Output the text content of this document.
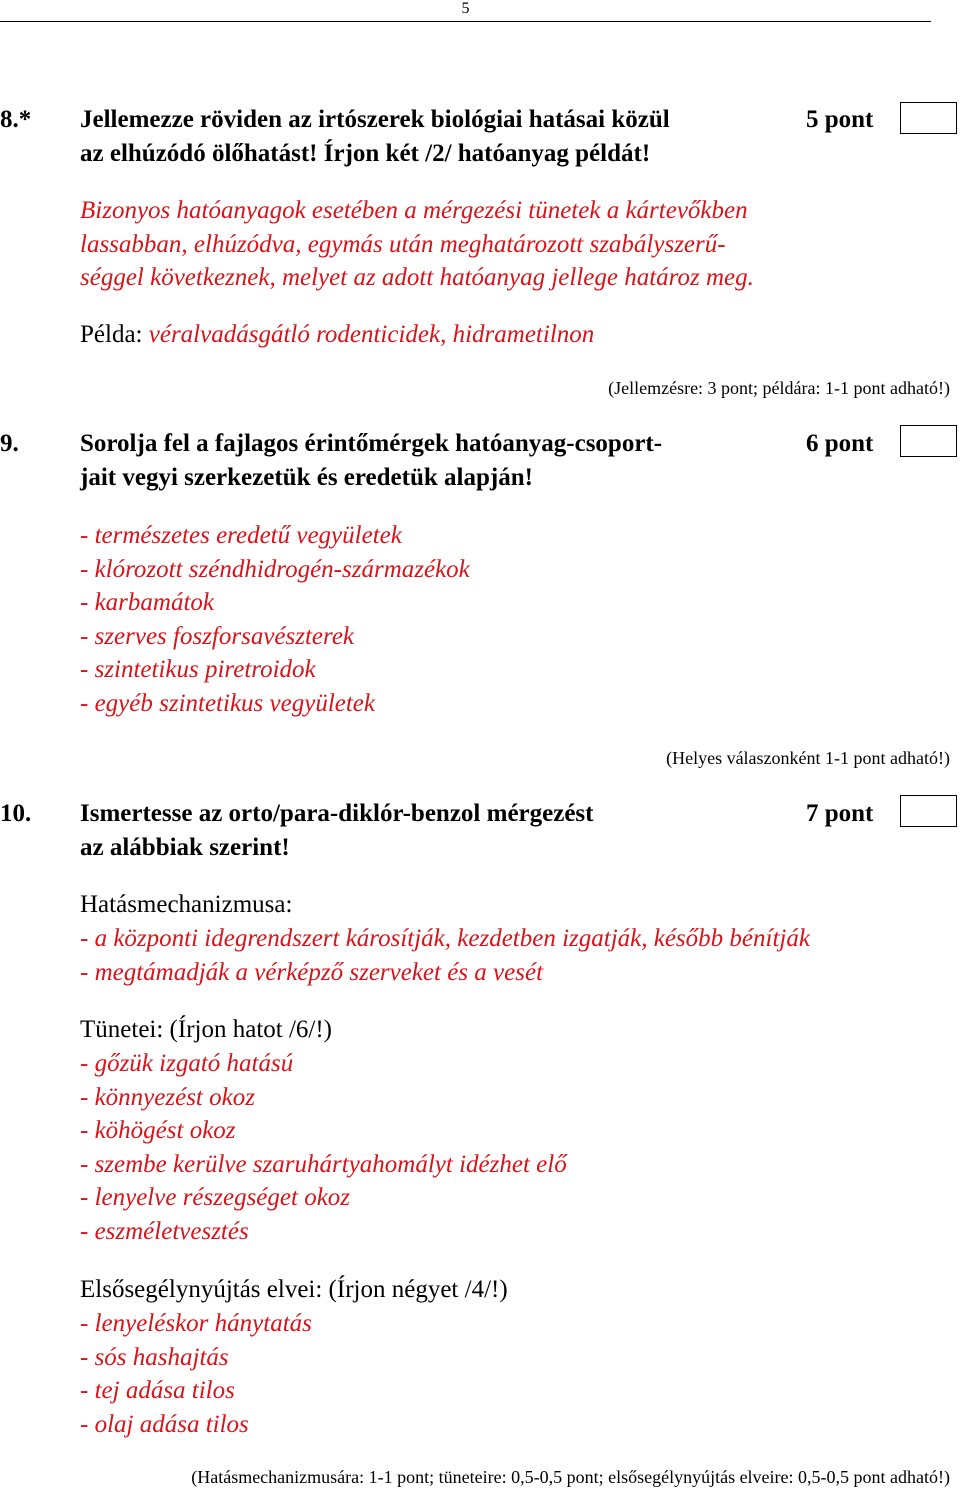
5
8.* Jellemezze röviden az irtószerek biológiai hatásai közül
az elhúzódó ölőhatást! Írjon két /2/ hatóanyag példát!
5 pont
Bizonyos hatóanyagok esetében a mérgezési tünetek a kártevőkben
lassabban, elhúzódva, egymás után meghatározott szabályszerű-
séggel következnek, melyet az adott hatóanyag jellege határoz meg.
Példa: véralvadásgátló rodenticidek, hidrametilnon
(Jellemzésre: 3 pont; példára: 1-1 pont adható!)
9. Sorolja fel a fajlagos érintőmérgek hatóanyag-csoport-
jait vegyi szerkezetük és eredetük alapján!
6 pont
- természetes eredetű vegyületek
- klórozott széndhidrogén-származékok
- karbamátok
- szerves foszforsavészterek
- szintetikus piretroidok
- egyéb szintetikus vegyületek
(Helyes válaszonként 1-1 pont adható!)
10. Ismertesse az orto/para-diklór-benzol mérgezést
az alábbiak szerint!
7 pont
Hatásmechanizmusa:
- a központi idegrendszert károsítják, kezdetben izgatják, később bénítják
- megtámadják a vérképző szerveket és a vesét
Tünetei: (Írjon hatot /6/!)
- gőzük izgató hatású
- könnyezést okoz
- köhögést okoz
- szembe kerülve szaruhártyahomályt idézhet elő
- lenyelve részegséget okoz
- eszméletvesztés
Elsősegélynyújtás elvei: (Írjon négyet /4/!)
- lenyeléskor hánytatás
- sós hashajtás
- tej adása tilos
- olaj adása tilos
(Hatásmechanizmusára: 1-1 pont; tüneteire: 0,5-0,5 pont; elsősegélynyújtás elveire: 0,5-0,5 pont adható!)
